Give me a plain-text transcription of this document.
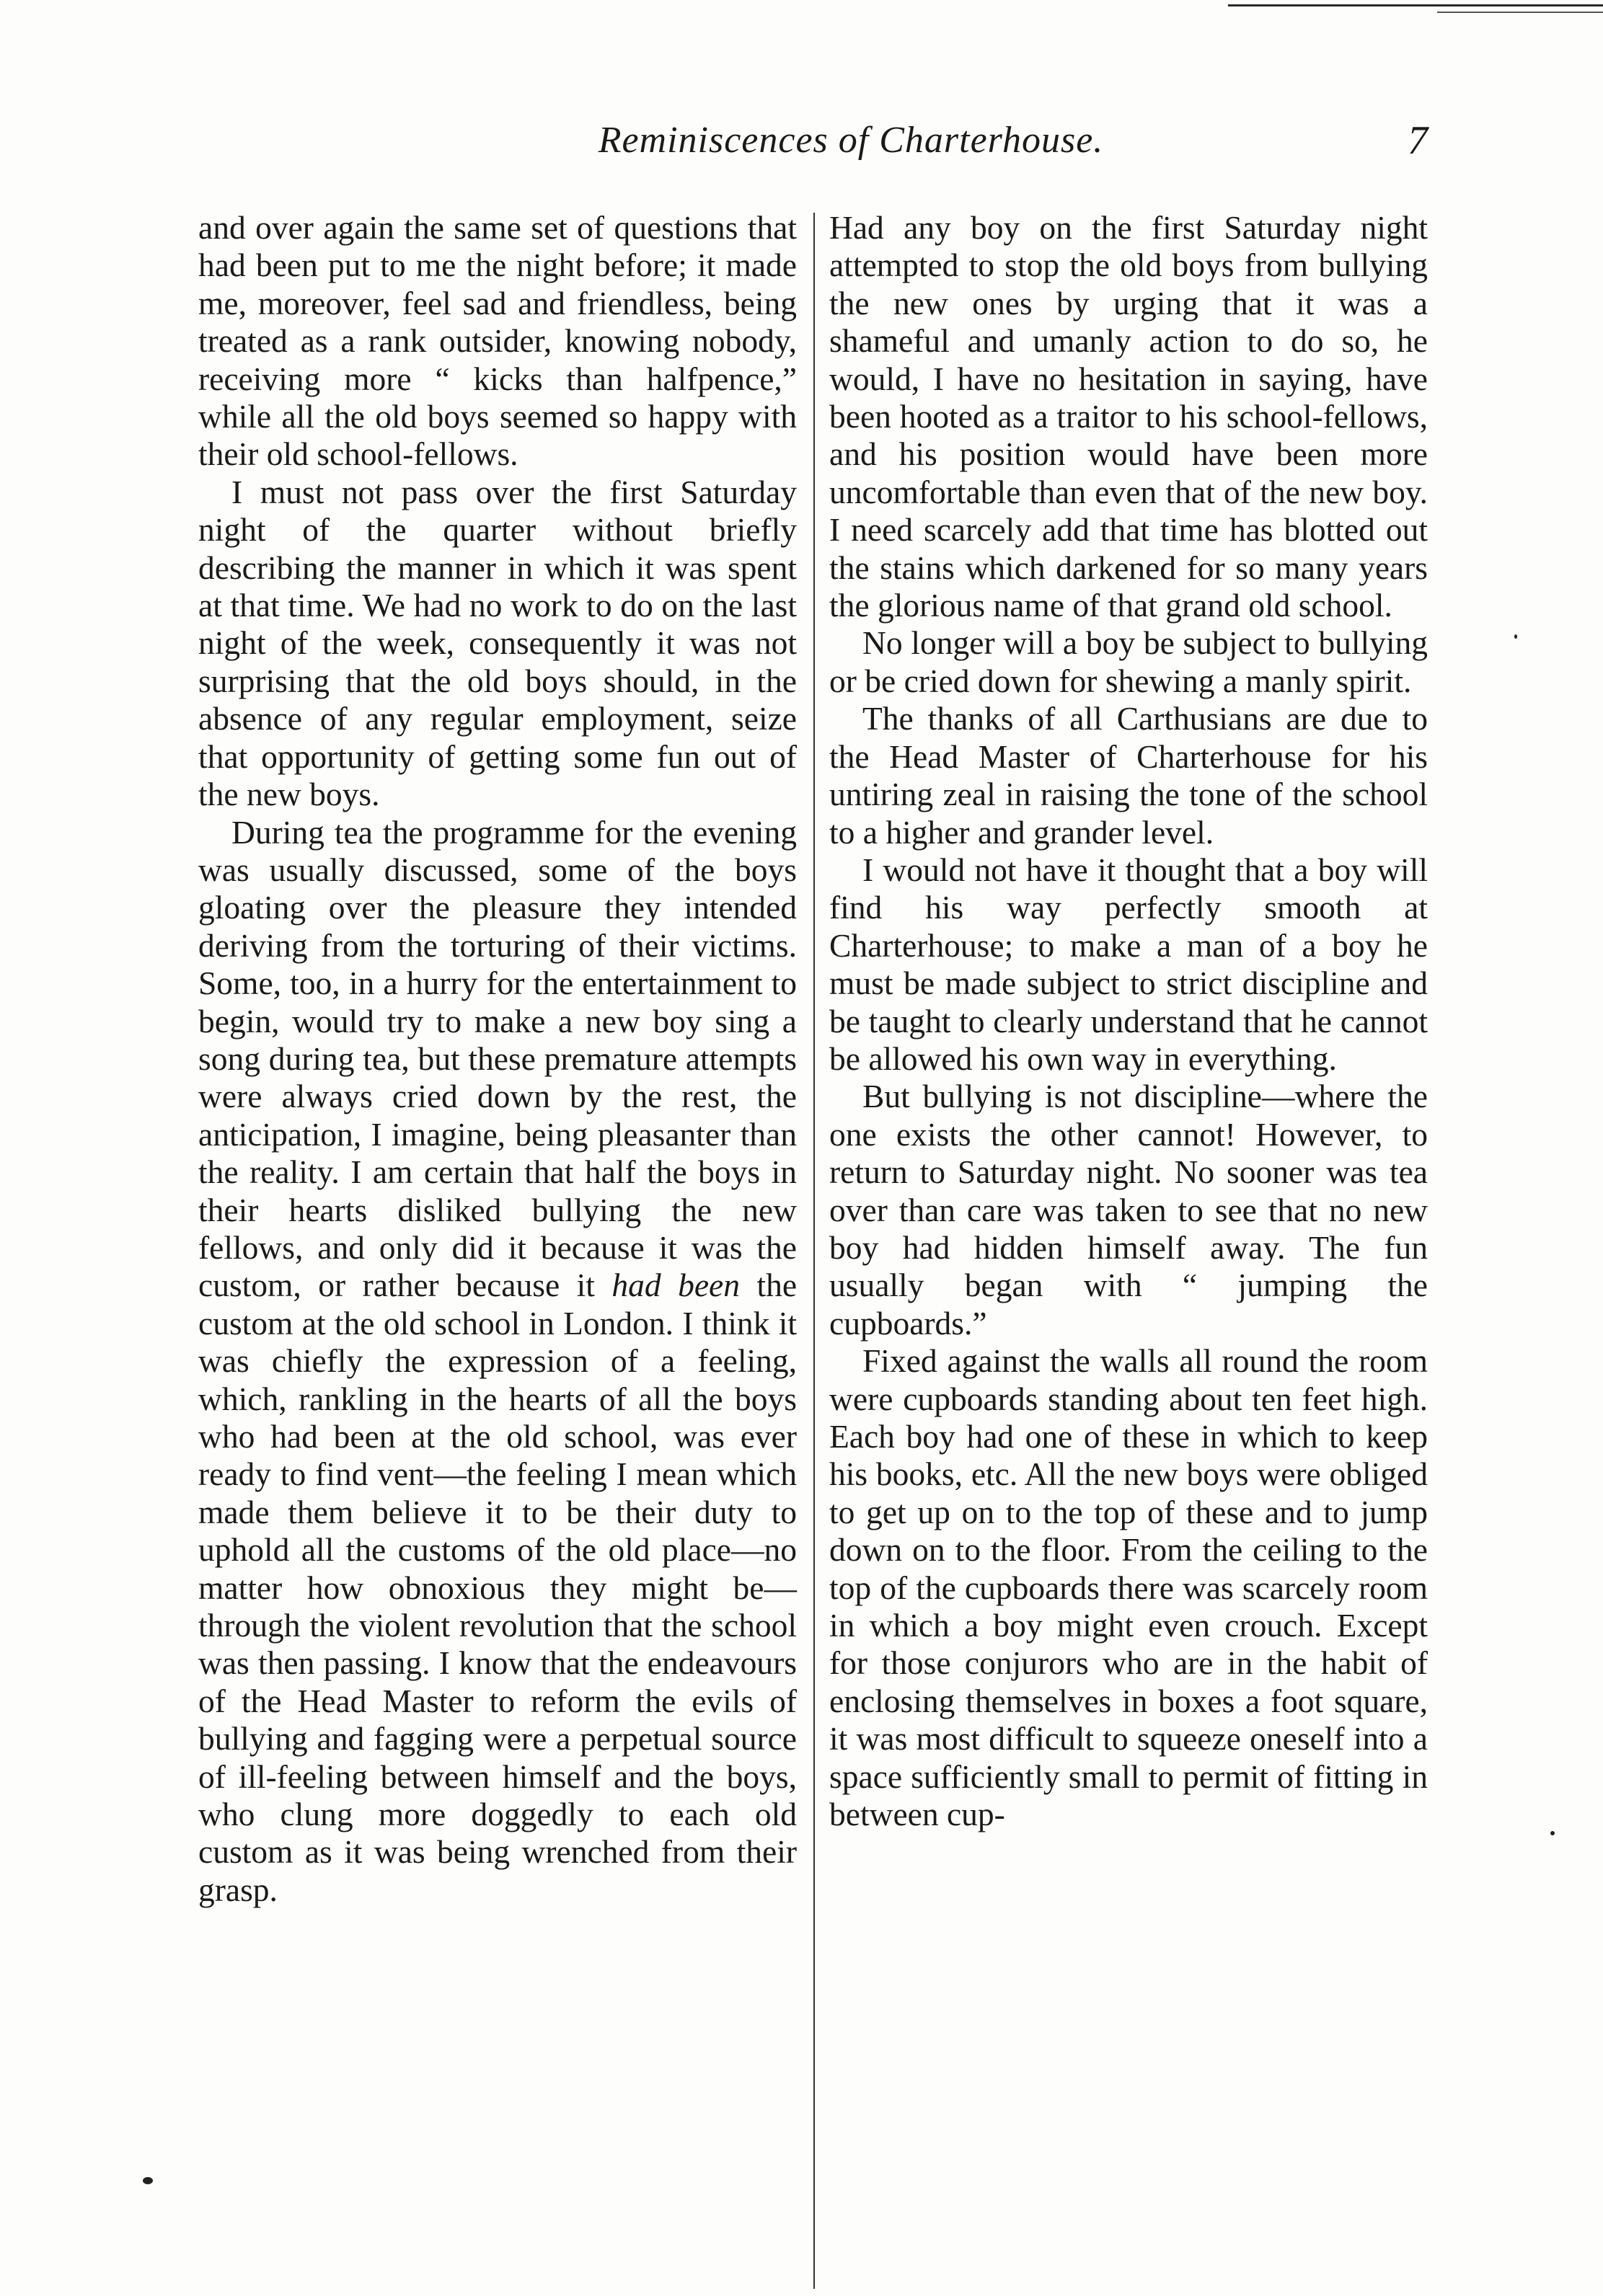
Reminiscences of Charterhouse.	7

and over again the same set of questions that had been put to me the night before; it made me, moreover, feel sad and friendless, being treated as a rank outsider, knowing nobody, receiving more “ kicks than halfpence,” while all the old boys seemed so happy with their old school-fellows.

I must not pass over the first Saturday night of the quarter without briefly describing the manner in which it was spent at that time. We had no work to do on the last night of the week, consequently it was not surprising that the old boys should, in the absence of any regular employment, seize that opportunity of getting some fun out of the new boys.

During tea the programme for the evening was usually discussed, some of the boys gloating over the pleasure they intended deriving from the torturing of their victims. Some, too, in a hurry for the entertainment to begin, would try to make a new boy sing a song during tea, but these premature attempts were always cried down by the rest, the anticipation, I imagine, being pleasanter than the reality. I am certain that half the boys in their hearts disliked bullying the new fellows, and only did it because it was the custom, or rather because it had been the custom at the old school in London. I think it was chiefly the expression of a feeling, which, rankling in the hearts of all the boys who had been at the old school, was ever ready to find vent—the feeling I mean which made them believe it to be their duty to uphold all the customs of the old place—no matter how obnoxious they might be—through the violent revolution that the school was then passing. I know that the endeavours of the Head Master to reform the evils of bullying and fagging were a perpetual source of ill-feeling between himself and the boys, who clung more doggedly to each old custom as it was being wrenched from their grasp.

Had any boy on the first Saturday night attempted to stop the old boys from bullying the new ones by urging that it was a shameful and umanly action to do so, he would, I have no hesitation in saying, have been hooted as a traitor to his school-fellows, and his position would have been more uncomfortable than even that of the new boy. I need scarcely add that time has blotted out the stains which darkened for so many years the glorious name of that grand old school.

No longer will a boy be subject to bullying or be cried down for shewing a manly spirit.

The thanks of all Carthusians are due to the Head Master of Charterhouse for his untiring zeal in raising the tone of the school to a higher and grander level.

I would not have it thought that a boy will find his way perfectly smooth at Charterhouse; to make a man of a boy he must be made subject to strict discipline and be taught to clearly understand that he cannot be allowed his own way in everything.

But bullying is not discipline—where the one exists the other cannot! However, to return to Saturday night. No sooner was tea over than care was taken to see that no new boy had hidden himself away. The fun usually began with “ jumping the cupboards.”

Fixed against the walls all round the room were cupboards standing about ten feet high. Each boy had one of these in which to keep his books, etc. All the new boys were obliged to get up on to the top of these and to jump down on to the floor. From the ceiling to the top of the cupboards there was scarcely room in which a boy might even crouch. Except for those conjurors who are in the habit of enclosing themselves in boxes a foot square, it was most difficult to squeeze oneself into a space sufficiently small to permit of fitting in between cup-
